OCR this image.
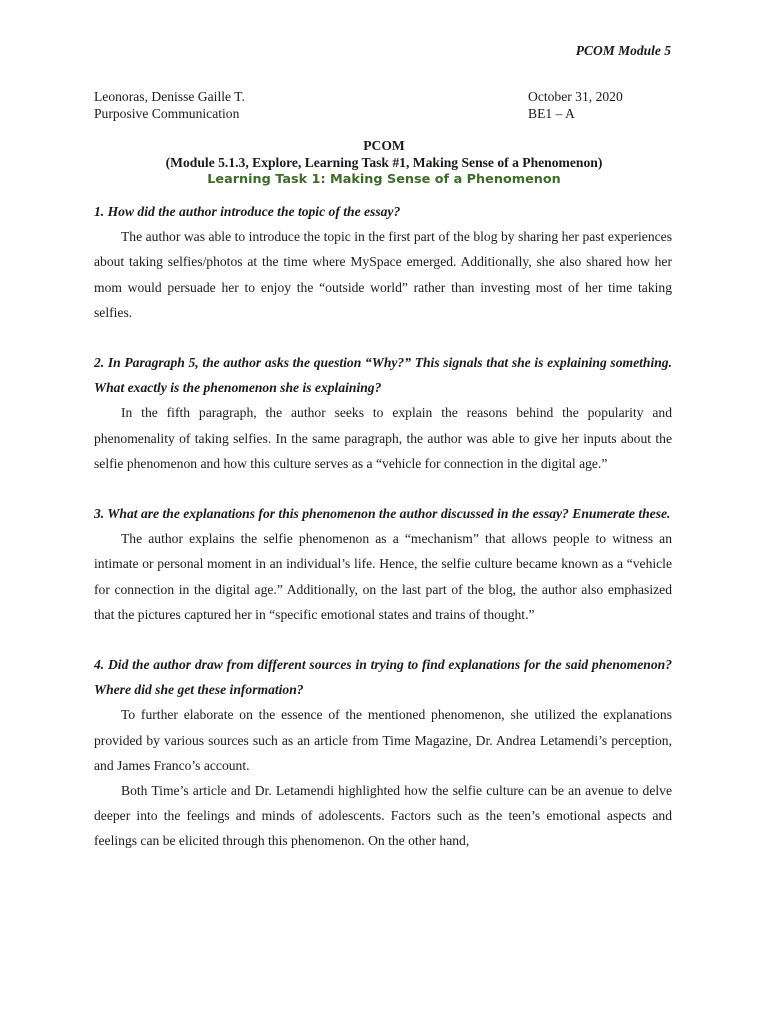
PCOM Module 5
Leonoras, Denisse Gaille T.	October 31, 2020
Purposive Communication	BE1 – A
PCOM
(Module 5.1.3, Explore, Learning Task #1, Making Sense of a Phenomenon)
Learning Task 1: Making Sense of a Phenomenon

1. How did the author introduce the topic of the essay?

The author was able to introduce the topic in the first part of the blog by sharing her past experiences about taking selfies/photos at the time where MySpace emerged. Additionally, she also shared how her mom would persuade her to enjoy the “outside world” rather than investing most of her time taking selfies.

2. In Paragraph 5, the author asks the question “Why?” This signals that she is explaining something. What exactly is the phenomenon she is explaining?

In the fifth paragraph, the author seeks to explain the reasons behind the popularity and phenomenality of taking selfies. In the same paragraph, the author was able to give her inputs about the selfie phenomenon and how this culture serves as a “vehicle for connection in the digital age.”

3. What are the explanations for this phenomenon the author discussed in the essay? Enumerate these.

The author explains the selfie phenomenon as a “mechanism” that allows people to witness an intimate or personal moment in an individual’s life. Hence, the selfie culture became known as a “vehicle for connection in the digital age.” Additionally, on the last part of the blog, the author also emphasized that the pictures captured her in “specific emotional states and trains of thought.”

4. Did the author draw from different sources in trying to find explanations for the said phenomenon? Where did she get these information?

To further elaborate on the essence of the mentioned phenomenon, she utilized the explanations provided by various sources such as an article from Time Magazine, Dr. Andrea Letamendi’s perception, and James Franco’s account.

Both Time’s article and Dr. Letamendi highlighted how the selfie culture can be an avenue to delve deeper into the feelings and minds of adolescents. Factors such as the teen’s emotional aspects and feelings can be elicited through this phenomenon. On the other hand,
